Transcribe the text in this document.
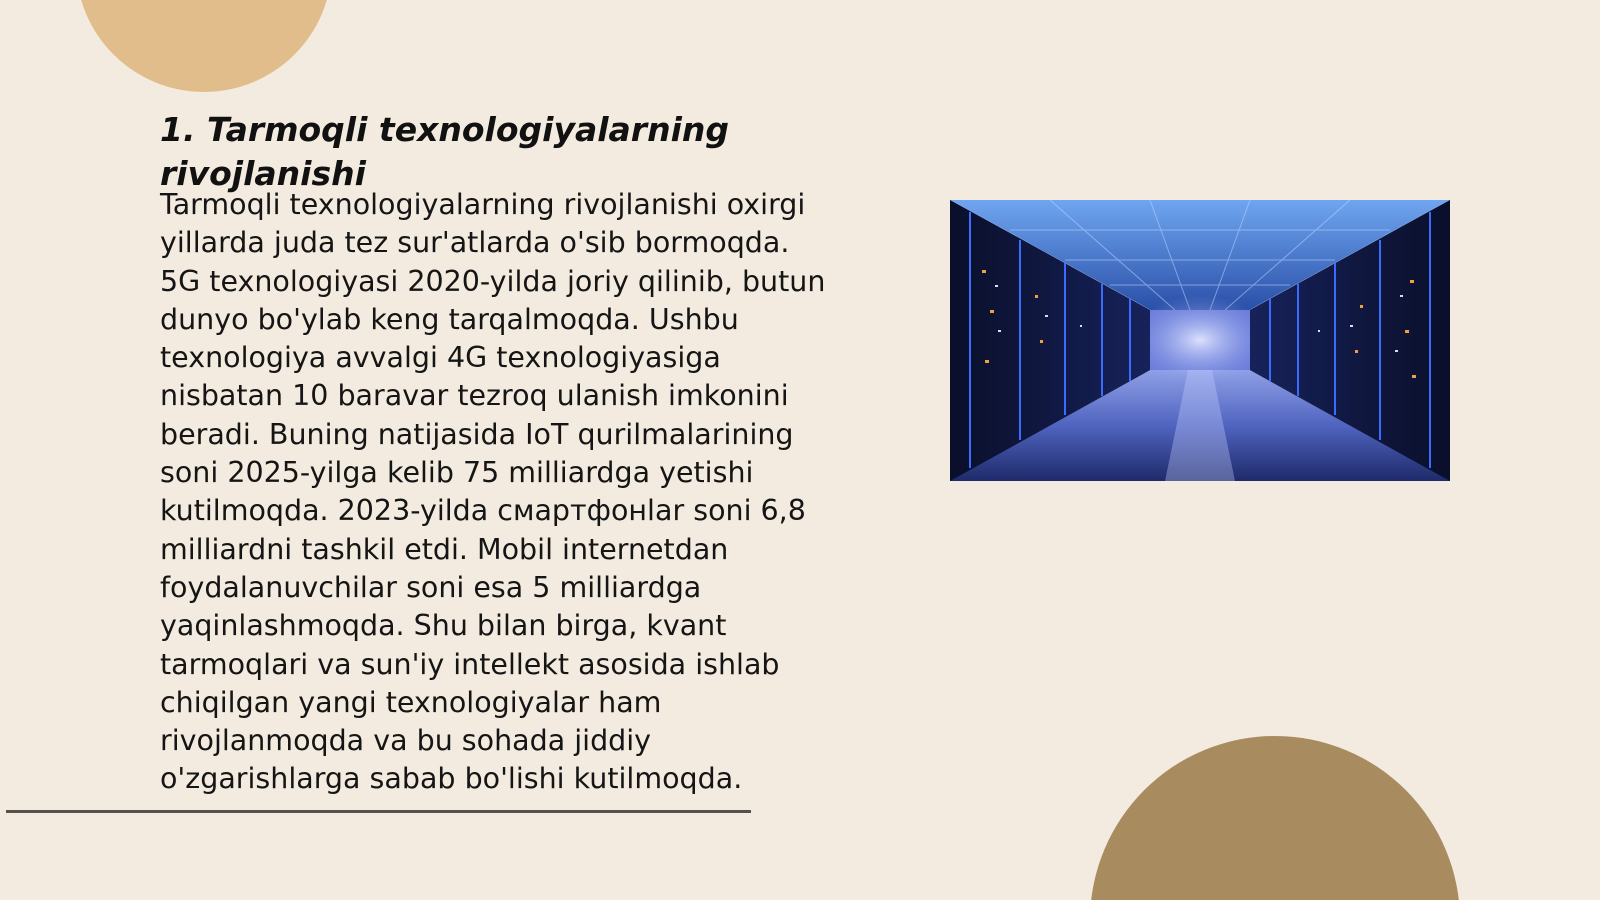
1. Tarmoqli texnologiyalarning rivojlanishi

Tarmoqli texnologiyalarning rivojlanishi oxirgi yillarda juda tez sur'atlarda o'sib bormoqda. 5G texnologiyasi 2020-yilda joriy qilinib, butun dunyo bo'ylab keng tarqalmoqda. Ushbu texnologiya avvalgi 4G texnologiyasiga nisbatan 10 baravar tezroq ulanish imkonini beradi. Buning natijasida IoT qurilmalarining soni 2025-yilga kelib 75 milliardga yetishi kutilmoqda. 2023-yilda смартфонlar soni 6,8 milliardni tashkil etdi. Mobil internetdan foydalanuvchilar soni esa 5 milliardga yaqinlashmoqda. Shu bilan birga, kvant tarmoqlari va sun'iy intellekt asosida ishlab chiqilgan yangi texnologiyalar ham rivojlanmoqda va bu sohada jiddiy o'zgarishlarga sabab bo'lishi kutilmoqda.
